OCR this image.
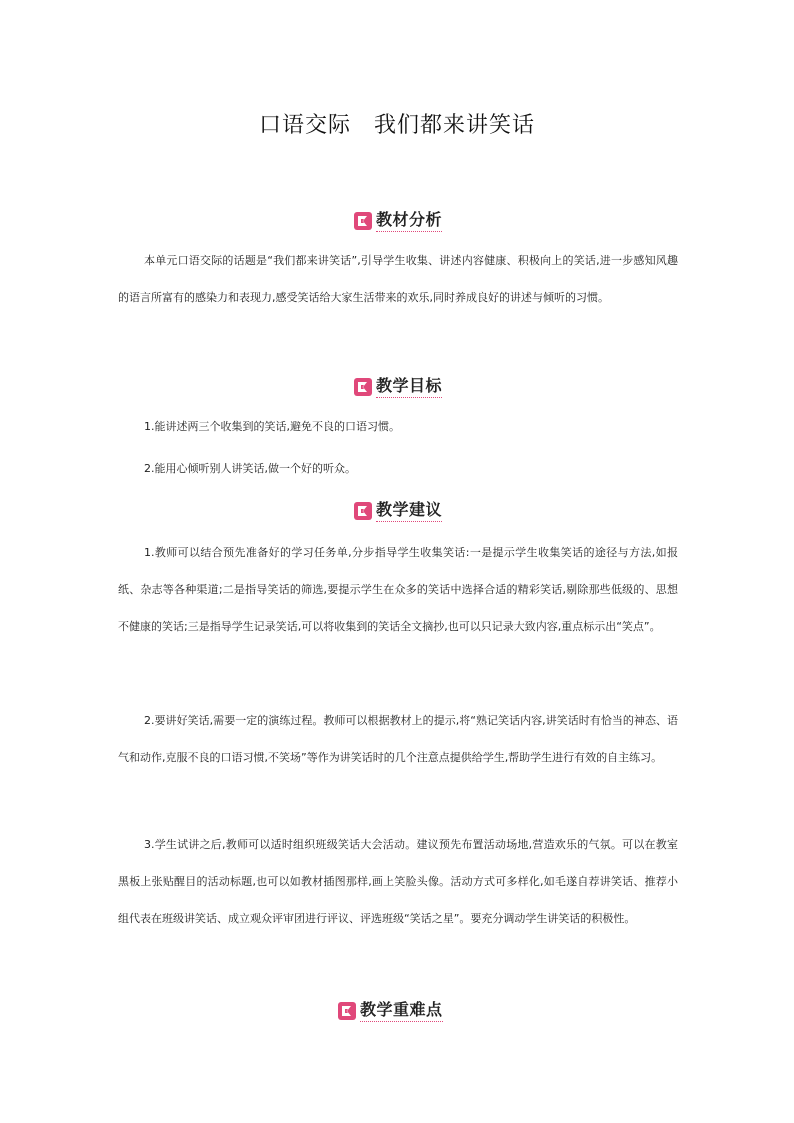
口语交际　我们都来讲笑话
教材分析

本单元口语交际的话题是“我们都来讲笑话”,引导学生收集、讲述内容健康、积极向上的笑话,进一步感知风趣的语言所富有的感染力和表现力,感受笑话给大家生活带来的欢乐,同时养成良好的讲述与倾听的习惯。

教学目标

1.能讲述两三个收集到的笑话,避免不良的口语习惯。

2.能用心倾听别人讲笑话,做一个好的听众。

教学建议

1.教师可以结合预先准备好的学习任务单,分步指导学生收集笑话:一是提示学生收集笑话的途径与方法,如报纸、杂志等各种渠道;二是指导笑话的筛选,要提示学生在众多的笑话中选择合适的精彩笑话,剔除那些低级的、思想不健康的笑话;三是指导学生记录笑话,可以将收集到的笑话全文摘抄,也可以只记录大致内容,重点标示出“笑点”。

2.要讲好笑话,需要一定的演练过程。教师可以根据教材上的提示,将“熟记笑话内容,讲笑话时有恰当的神态、语气和动作,克服不良的口语习惯,不笑场”等作为讲笑话时的几个注意点提供给学生,帮助学生进行有效的自主练习。

3.学生试讲之后,教师可以适时组织班级笑话大会活动。建议预先布置活动场地,营造欢乐的气氛。可以在教室黑板上张贴醒目的活动标题,也可以如教材插图那样,画上笑脸头像。活动方式可多样化,如毛遂自荐讲笑话、推荐小组代表在班级讲笑话、成立观众评审团进行评议、评选班级“笑话之星”。要充分调动学生讲笑话的积极性。

教学重难点
